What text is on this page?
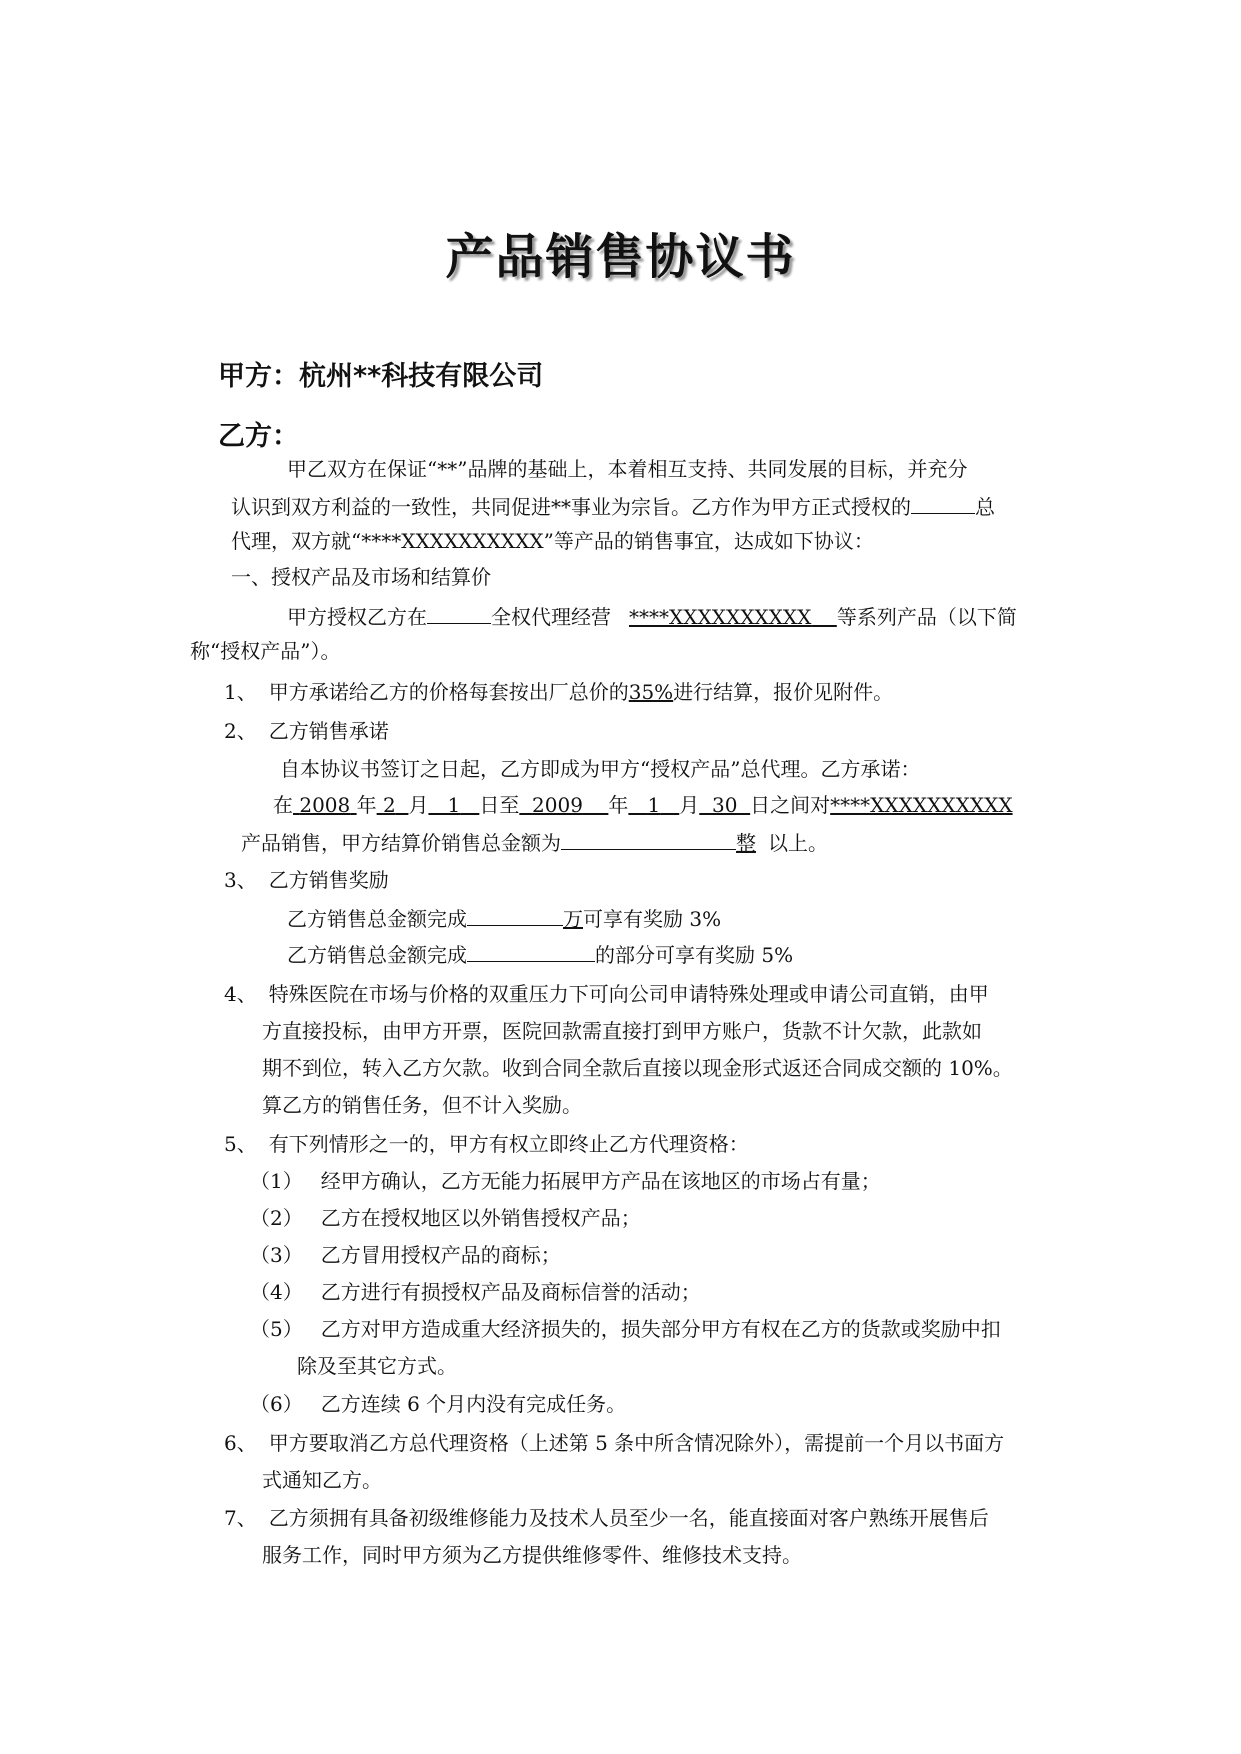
产品销售协议书
甲方：杭州**科技有限公司
乙方：
甲乙双方在保证“**”品牌的基础上，本着相互支持、共同发展的目标，并充分
认识到双方利益的一致性，共同促进**事业为宗旨。乙方作为甲方正式授权的	总
代理，双方就“****XXXXXXXXXX”等产品的销售事宜，达成如下协议：
一、授权产品及市场和结算价
甲方授权乙方在	全权代理经营 ****XXXXXXXXXX 等系列产品（以下简
称“授权产品”）。
1、 甲方承诺给乙方的价格每套按出厂总价的35%进行结算，报价见附件。
2、 乙方销售承诺
自本协议书签订之日起，乙方即成为甲方“授权产品”总代理。乙方承诺：
在 2008 年 2 月 1 日至 2009 年 1 月 30 日之间对****XXXXXXXXXX
产品销售，甲方结算价销售总金额为	整 以上。
3、 乙方销售奖励
乙方销售总金额完成	万可享有奖励 3%
乙方销售总金额完成	的部分可享有奖励 5%
4、 特殊医院在市场与价格的双重压力下可向公司申请特殊处理或申请公司直销，由甲
方直接投标，由甲方开票，医院回款需直接打到甲方账户，货款不计欠款，此款如
期不到位，转入乙方欠款。收到合同全款后直接以现金形式返还合同成交额的 10%。
算乙方的销售任务，但不计入奖励。
5、 有下列情形之一的，甲方有权立即终止乙方代理资格：
（1） 经甲方确认，乙方无能力拓展甲方产品在该地区的市场占有量；
（2） 乙方在授权地区以外销售授权产品；
（3） 乙方冒用授权产品的商标；
（4） 乙方进行有损授权产品及商标信誉的活动；
（5） 乙方对甲方造成重大经济损失的，损失部分甲方有权在乙方的货款或奖励中扣
除及至其它方式。
（6） 乙方连续 6 个月内没有完成任务。
6、 甲方要取消乙方总代理资格（上述第 5 条中所含情况除外），需提前一个月以书面方
式通知乙方。
7、 乙方须拥有具备初级维修能力及技术人员至少一名，能直接面对客户熟练开展售后
服务工作，同时甲方须为乙方提供维修零件、维修技术支持。
